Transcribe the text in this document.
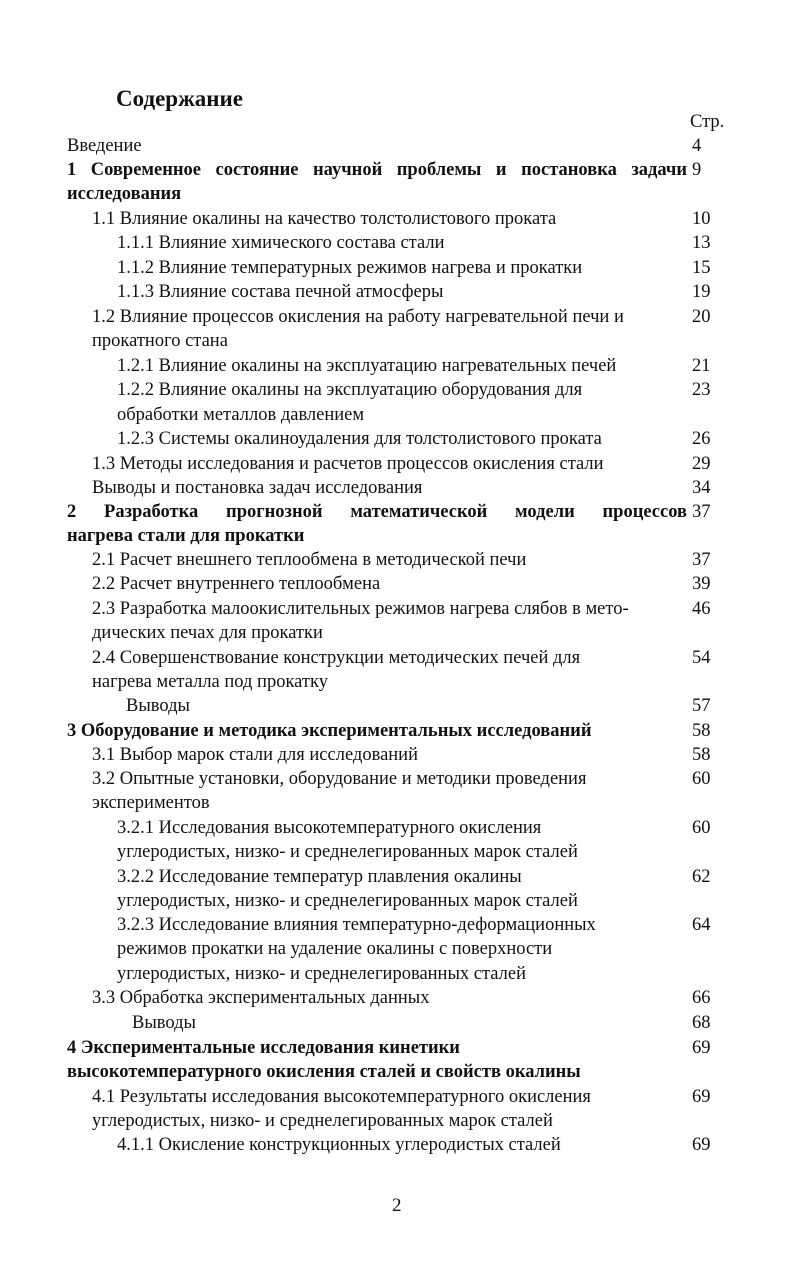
Содержание
Стр.
Введение	4
1 Современное состояние научной проблемы и постановка задачи 9
исследования
1.1 Влияние окалины на качество толстолистового проката	10
1.1.1 Влияние химического состава стали	13
1.1.2 Влияние температурных режимов нагрева и прокатки	15
1.1.3 Влияние состава печной атмосферы	19
1.2 Влияние процессов окисления на работу нагревательной печи и	20
прокатного стана
1.2.1 Влияние окалины на эксплуатацию нагревательных печей	21
1.2.2 Влияние окалины на эксплуатацию оборудования для	23
обработки металлов давлением
1.2.3 Системы окалиноудаления для толстолистового проката	26
1.3 Методы исследования и расчетов процессов окисления стали	29
Выводы и постановка задач исследования	34
2 Разработка прогнозной математической модели процессов 37
нагрева стали для прокатки
2.1 Расчет внешнего теплообмена в методической печи	37
2.2 Расчет внутреннего теплообмена	39
2.3 Разработка малоокислительных режимов нагрева слябов в мето-	46
дических печах для прокатки
2.4 Совершенствование конструкции методических печей для	54
нагрева металла под прокатку
Выводы	57
3 Оборудование и методика экспериментальных исследований	58
3.1 Выбор марок стали для исследований	58
3.2 Опытные установки, оборудование и методики проведения	60
экспериментов
3.2.1 Исследования высокотемпературного окисления	60
углеродистых, низко- и среднелегированных марок сталей
3.2.2 Исследование температур плавления окалины	62
углеродистых, низко- и среднелегированных марок сталей
3.2.3 Исследование влияния температурно-деформационных	64
режимов прокатки на удаление окалины с поверхности
углеродистых, низко- и среднелегированных сталей
3.3 Обработка экспериментальных данных	66
Выводы	68
4 Экспериментальные исследования кинетики	69
высокотемпературного окисления сталей и свойств окалины
4.1 Результаты исследования высокотемпературного окисления	69
углеродистых, низко- и среднелегированных марок сталей
4.1.1 Окисление конструкционных углеродистых сталей	69
2
